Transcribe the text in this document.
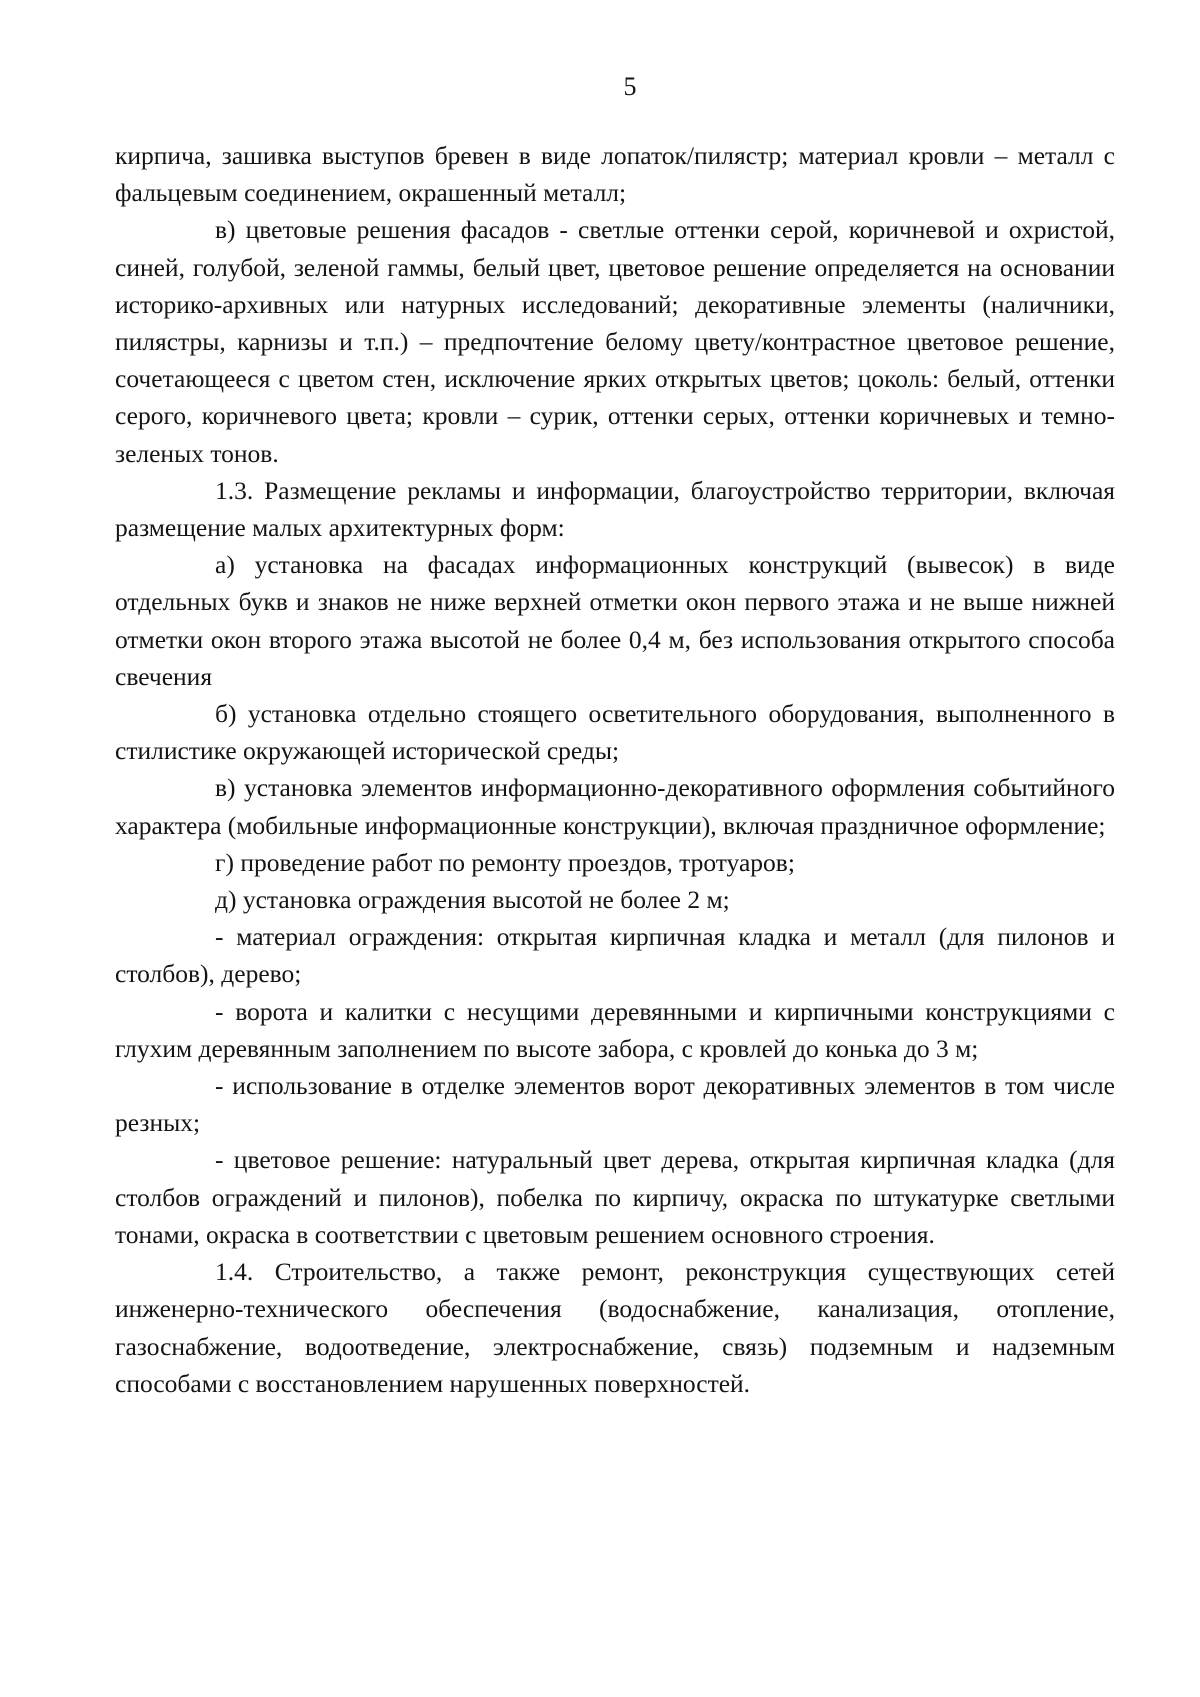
5

кирпича, зашивка выступов бревен в виде лопаток/пилястр; материал кровли – металл с фальцевым соединением, окрашенный металл;

в) цветовые решения фасадов - светлые оттенки серой, коричневой и охристой, синей, голубой, зеленой гаммы, белый цвет, цветовое решение определяется на основании историко-архивных или натурных исследований; декоративные элементы (наличники, пилястры, карнизы и т.п.) – предпочтение белому цвету/контрастное цветовое решение, сочетающееся с цветом стен, исключение ярких открытых цветов; цоколь: белый, оттенки серого, коричневого цвета; кровли – сурик, оттенки серых, оттенки коричневых и темно-зеленых тонов.

1.3. Размещение рекламы и информации, благоустройство территории, включая размещение малых архитектурных форм:

а) установка на фасадах информационных конструкций (вывесок) в виде отдельных букв и знаков не ниже верхней отметки окон первого этажа и не выше нижней отметки окон второго этажа высотой не более 0,4 м, без использования открытого способа свечения

б) установка отдельно стоящего осветительного оборудования, выполненного в стилистике окружающей исторической среды;

в) установка элементов информационно-декоративного оформления событийного характера (мобильные информационные конструкции), включая праздничное оформление;

г) проведение работ по ремонту проездов, тротуаров;

д) установка ограждения высотой не более 2 м;

- материал ограждения: открытая кирпичная кладка и металл (для пилонов и столбов), дерево;

- ворота и калитки с несущими деревянными и кирпичными конструкциями с глухим деревянным заполнением по высоте забора, с кровлей до конька до 3 м;

- использование в отделке элементов ворот декоративных элементов в том числе резных;

- цветовое решение: натуральный цвет дерева, открытая кирпичная кладка (для столбов ограждений и пилонов), побелка по кирпичу, окраска по штукатурке светлыми тонами, окраска в соответствии с цветовым решением основного строения.

1.4. Строительство, а также ремонт, реконструкция существующих сетей инженерно-технического обеспечения (водоснабжение, канализация, отопление, газоснабжение, водоотведение, электроснабжение, связь) подземным и надземным способами с восстановлением нарушенных поверхностей.
